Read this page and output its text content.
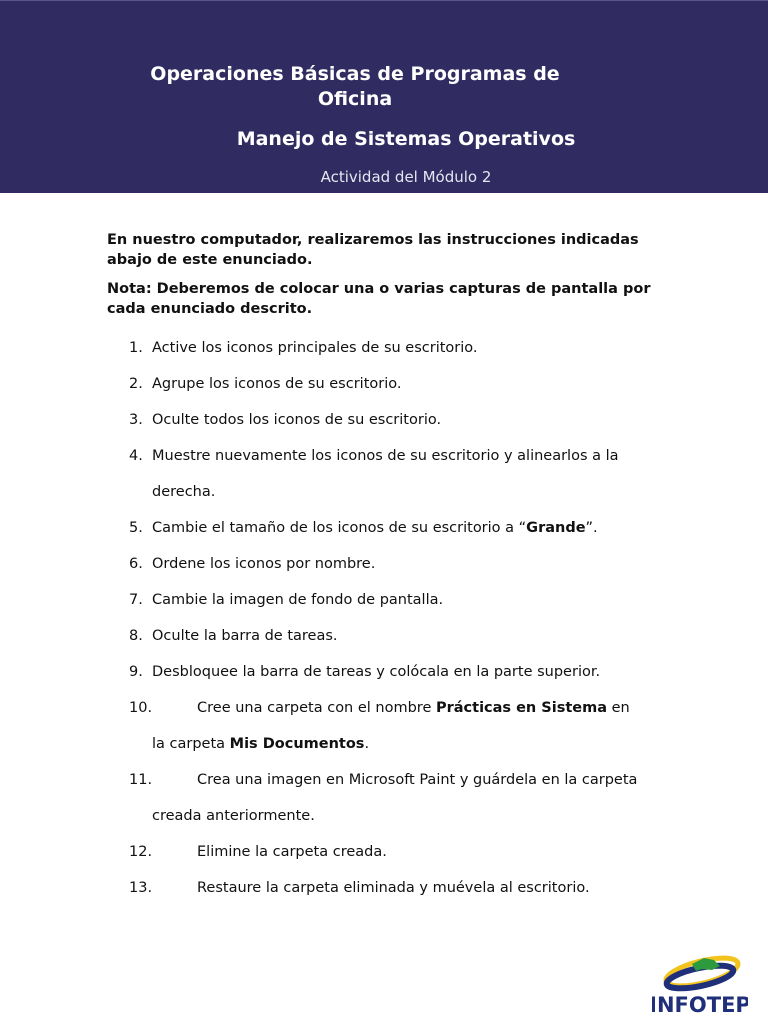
Operaciones Básicas de Programas de Oficina
Manejo de Sistemas Operativos
Actividad del Módulo 2

En nuestro computador, realizaremos las instrucciones indicadas abajo de este enunciado.

Nota: Deberemos de colocar una o varias capturas de pantalla por cada enunciado descrito.

1. Active los iconos principales de su escritorio.
2. Agrupe los iconos de su escritorio.
3. Oculte todos los iconos de su escritorio.
4. Muestre nuevamente los iconos de su escritorio y alinearlos a la
derecha.
5. Cambie el tamaño de los iconos de su escritorio a “Grande”.
6. Ordene los iconos por nombre.
7. Cambie la imagen de fondo de pantalla.
8. Oculte la barra de tareas.
9. Desbloquee la barra de tareas y colócala en la parte superior.
10.	Cree una carpeta con el nombre Prácticas en Sistema en
la carpeta Mis Documentos.
11.	Crea una imagen en Microsoft Paint y guárdela en la carpeta
creada anteriormente.
12.	Elimine la carpeta creada.
13.	Restaure la carpeta eliminada y muévela al escritorio.
INFOTEP
